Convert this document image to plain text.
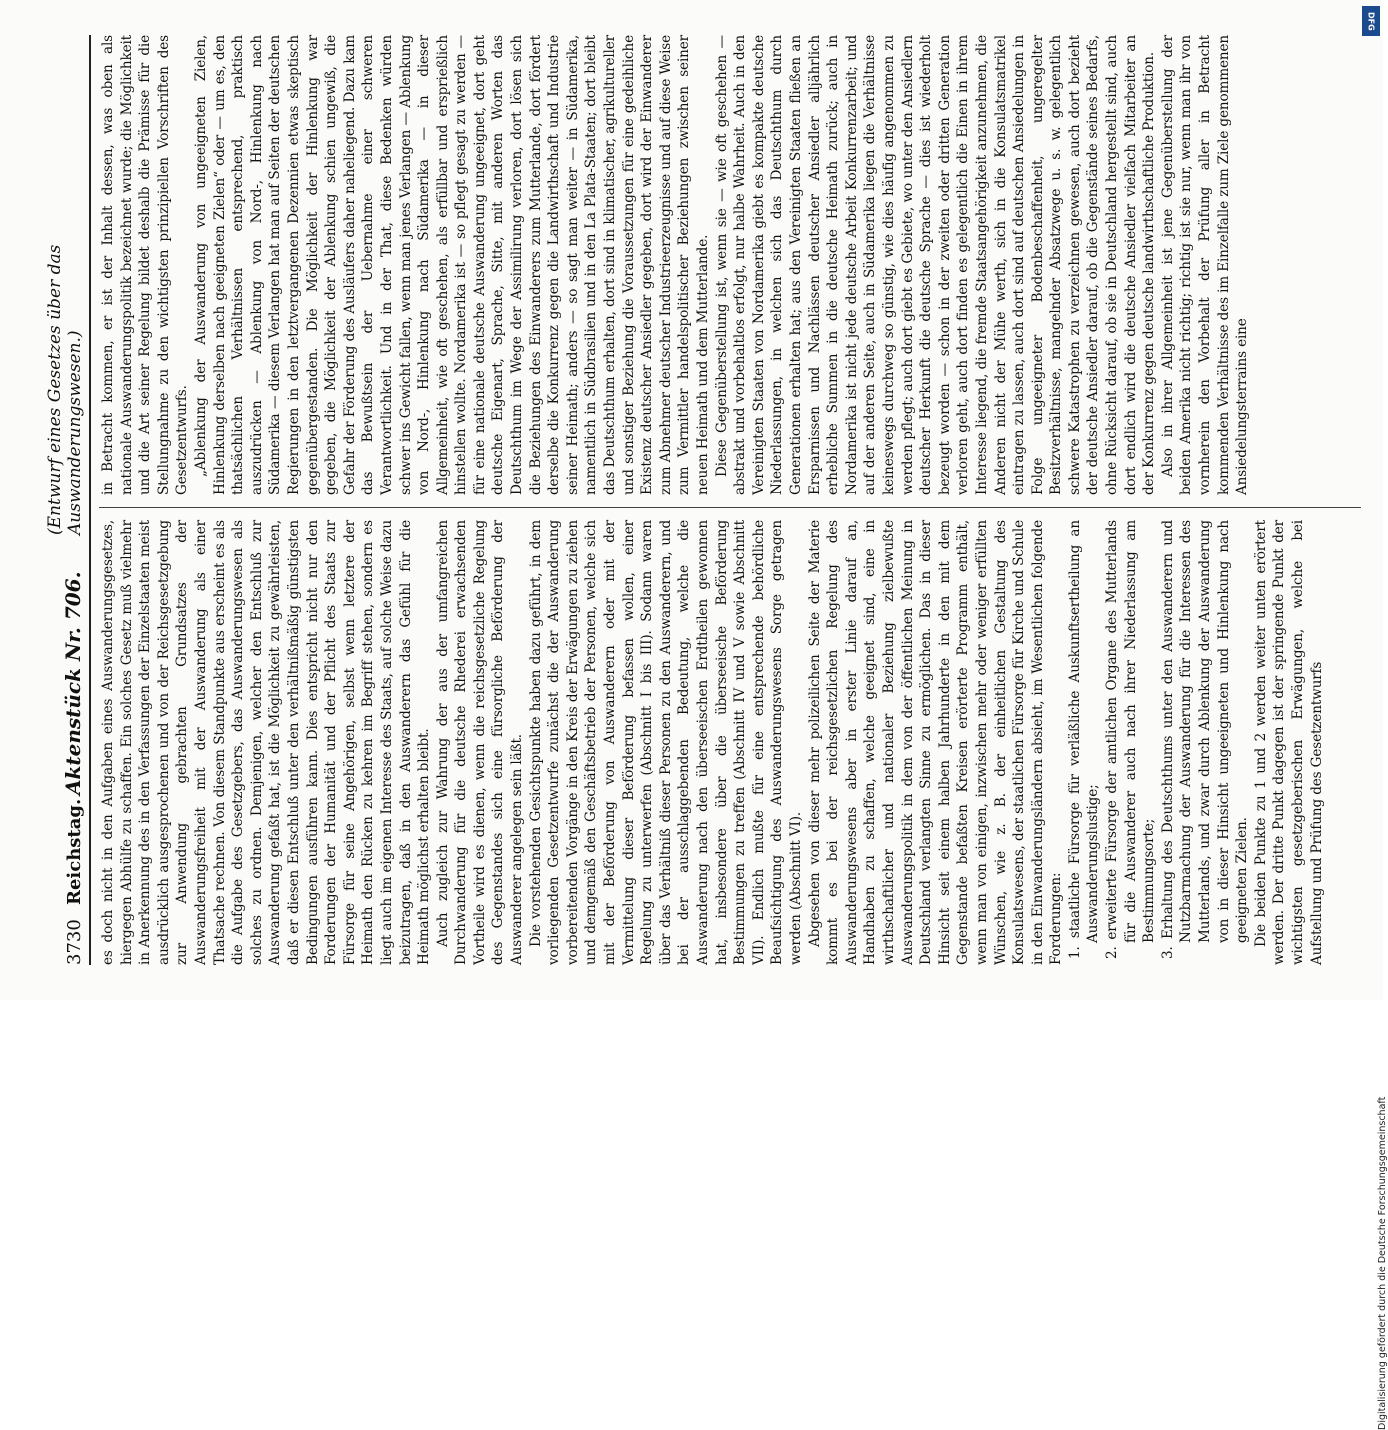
3730
Reichstag.
Aktenstück Nr. 706.
(Entwurf eines Gesetzes über das Auswanderungswesen.)

es doch nicht in den Aufgaben eines Auswanderungsgesetzes, hiergegen Abhülfe zu schaffen. Ein solches Gesetz muß vielmehr in Anerkennung des in den Verfassungen der Einzelstaaten meist ausdrücklich ausgesprochenen und von der Reichsgesetzgebung zur Anwendung gebrachten Grundsatzes der Auswanderungsfreiheit mit der Auswanderung als einer Thatsache rechnen. Von diesem Standpunkte aus erscheint es als die Aufgabe des Gesetzgebers, das Auswanderungswesen als solches zu ordnen. Demjenigen, welcher den Entschluß zur Auswanderung gefaßt hat, ist die Möglichkeit zu gewährleisten, daß er diesen Entschluß unter den verhältnißmäßig günstigsten Bedingungen ausführen kann. Dies entspricht nicht nur den Forderungen der Humanität und der Pflicht des Staats zur Fürsorge für seine Angehörigen, selbst wenn letztere der Heimath den Rücken zu kehren im Begriff stehen, sondern es liegt auch im eigenen Interesse des Staats, auf solche Weise dazu beizutragen, daß in den Auswanderern das Gefühl für die Heimath möglichst erhalten bleibt. Auch zugleich zur Wahrung der aus der umfangreichen Durchwanderung für die deutsche Rhederei erwachsenden Vortheile wird es dienen, wenn die reichsgesetzliche Regelung des Gegenstandes sich eine fürsorgliche Beförderung der Auswanderer angelegen sein läßt. Die vorstehenden Gesichtspunkte haben dazu geführt, in dem vorliegenden Gesetzentwurfe zunächst die der Auswanderung vorbereitenden Vorgänge in den Kreis der Erwägungen zu ziehen und demgemäß den Geschäftsbetrieb der Personen, welche sich mit der Beförderung von Auswanderern oder mit der Vermittelung dieser Beförderung befassen wollen, einer Regelung zu unterwerfen (Abschnitt I bis III). Sodann waren über das Verhältniß dieser Personen zu den Auswanderern, und bei der ausschlaggebenden Bedeutung, welche die Auswanderung nach den überseeischen Erdtheilen gewonnen hat, insbesondere über die überseeische Beförderung Bestimmungen zu treffen (Abschnitt IV und V sowie Abschnitt VII). Endlich mußte für eine entsprechende behördliche Beaufsichtigung des Auswanderungswesens Sorge getragen werden (Abschnitt VI). Abgesehen von dieser mehr polizeilichen Seite der Materie kommt es bei der reichsgesetzlichen Regelung des Auswanderungswesens aber in erster Linie darauf an, Handhaben zu schaffen, welche geeignet sind, eine in wirthschaftlicher und nationaler Beziehung zielbewußte Auswanderungspolitik in dem von der öffentlichen Meinung in Deutschland verlangten Sinne zu ermöglichen. Das in dieser Hinsicht seit einem halben Jahrhunderte in den mit dem Gegenstande befaßten Kreisen erörterte Programm enthält, wenn man von einigen, inzwischen mehr oder weniger erfüllten Wünschen, wie z. B. der einheitlichen Gestaltung des Konsulatswesens, der staatlichen Fürsorge für Kirche und Schule in den Einwanderungsländern absieht, im Wesentlichen folgende Forderungen: 1. staatliche Fürsorge für verläßliche Auskunftsertheilung an Auswanderungslustige; 2. erweiterte Fürsorge der amtlichen Organe des Mutterlands für die Auswanderer auch nach ihrer Niederlassung am Bestimmungsorte; 3. Erhaltung des Deutschthums unter den Auswanderern und Nutzbarmachung der Auswanderung für die Interessen des Mutterlands, und zwar durch Ablenkung der Auswanderung von in dieser Hinsicht ungeeigneten und Hinlenkung nach geeigneten Zielen. Die beiden Punkte zu 1 und 2 werden weiter unten erörtert werden. Der dritte Punkt dagegen ist der springende Punkt der wichtigsten gesetzgeberischen Erwägungen, welche bei Aufstellung und Prüfung des Gesetzentwurfs

in Betracht kommen, er ist der Inhalt dessen, was oben als nationale Auswanderungspolitik bezeichnet wurde; die Möglichkeit und die Art seiner Regelung bildet deshalb die Prämisse für die Stellungnahme zu den wichtigsten prinzipiellen Vorschriften des Gesetzentwurfs. „Ablenkung der Auswanderung von ungeeigneten Zielen, Hinlenkung derselben nach geeigneten Zielen“ oder — um es, den thatsächlichen Verhältnissen entsprechend, praktisch auszudrücken — Ablenkung von Nord-, Hinlenkung nach Südamerika — diesem Verlangen hat man auf Seiten der deutschen Regierungen in den letztvergangenen Dezennien etwas skeptisch gegenübergestanden. Die Möglichkeit der Hinlenkung war gegeben, die Möglichkeit der Ablenkung schien ungewiß, die Gefahr der Förderung des Ausläufers daher naheliegend. Dazu kam das Bewußtsein der Uebernahme einer schweren Verantwortlichkeit. Und in der That, diese Bedenken würden schwer ins Gewicht fallen, wenn man jenes Verlangen — Ablenkung von Nord-, Hinlenkung nach Südamerika — in dieser Allgemeinheit, wie oft geschehen, als erfüllbar und ersprießlich hinstellen wollte. Nordamerika ist — so pflegt gesagt zu werden — für eine nationale deutsche Auswanderung ungeeignet, dort geht deutsche Eigenart, Sprache, Sitte, mit anderen Worten das Deutschthum im Wege der Assimilirung verloren, dort lösen sich die Beziehungen des Einwanderers zum Mutterlande, dort fördert derselbe die Konkurrenz gegen die Landwirthschaft und Industrie seiner Heimath; anders — so sagt man weiter — in Südamerika, namentlich in Südbrasilien und in den La Plata-Staaten; dort bleibt das Deutschthum erhalten, dort sind in klimatischer, agrikultureller und sonstiger Beziehung die Voraussetzungen für eine gedeihliche Existenz deutscher Ansiedler gegeben, dort wird der Einwanderer zum Abnehmer deutscher Industrieerzeugnisse und auf diese Weise zum Vermittler handelspolitischer Beziehungen zwischen seiner neuen Heimath und dem Mutterlande. Diese Gegenüberstellung ist, wenn sie — wie oft geschehen — abstrakt und vorbehaltlos erfolgt, nur halbe Wahrheit. Auch in den Vereinigten Staaten von Nordamerika giebt es kompakte deutsche Niederlassungen, in welchen sich das Deutschthum durch Generationen erhalten hat; aus den Vereinigten Staaten fließen an Ersparnissen und Nachlässen deutscher Ansiedler alljährlich erhebliche Summen in die deutsche Heimath zurück; auch in Nordamerika ist nicht jede deutsche Arbeit Konkurrenzarbeit; und auf der anderen Seite, auch in Südamerika liegen die Verhältnisse keineswegs durchweg so günstig, wie dies häufig angenommen zu werden pflegt; auch dort giebt es Gebiete, wo unter den Ansiedlern deutscher Herkunft die deutsche Sprache — dies ist wiederholt bezeugt worden — schon in der zweiten oder dritten Generation verloren geht, auch dort finden es gelegentlich die Einen in ihrem Interesse liegend, die fremde Staatsangehörigkeit anzunehmen, die Anderen nicht der Mühe werth, sich in die Konsulatsmatrikel eintragen zu lassen, auch dort sind auf deutschen Ansiedelungen in Folge ungeeigneter Bodenbeschaffenheit, ungeregelter Besitzverhältnisse, mangelnder Absatzwege u. s. w. gelegentlich schwere Katastrophen zu verzeichnen gewesen, auch dort bezieht der deutsche Ansiedler darauf, ob die Gegenstände seines Bedarfs, ohne Rücksicht darauf, ob sie in Deutschland hergestellt sind, auch dort endlich wird die deutsche Ansiedler vielfach Mitarbeiter an der Konkurrenz gegen deutsche landwirthschaftliche Produktion. Also in ihrer Allgemeinheit ist jene Gegenüberstellung der beiden Amerika nicht richtig; richtig ist sie nur, wenn man ihr von vornherein den Vorbehalt der Prüfung aller in Betracht kommenden Verhältnisse des im Einzelfalle zum Ziele genommenen Ansiedelungsterrains eine

DFG
Digitalisierung gefördert durch die Deutsche Forschungsgemeinschaft
